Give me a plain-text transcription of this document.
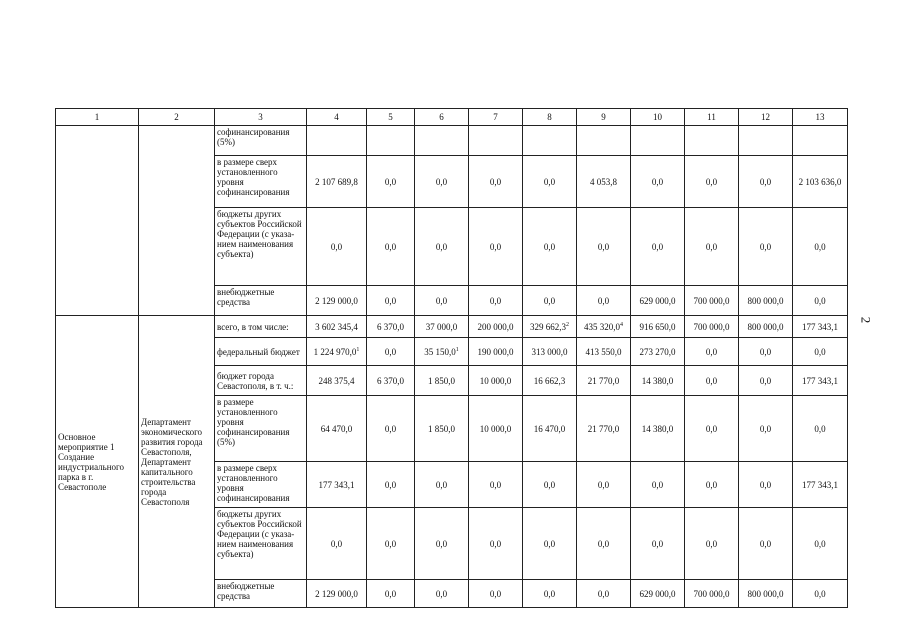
2
1	2	3	4	5	6	7	8	9	10	11	12	13
		софинансирования (5%)										
		в размере сверх установленного уровня софинансирования	2 107 689,8	0,0	0,0	0,0	0,0	4 053,8	0,0	0,0	0,0	2 103 636,0
		бюджеты других субъектов Российской Федерации (с указа-нием наименования субъекта)	0,0	0,0	0,0	0,0	0,0	0,0	0,0	0,0	0,0	0,0
		внебюджетные средства	2 129 000,0	0,0	0,0	0,0	0,0	0,0	629 000,0	700 000,0	800 000,0	0,0
Основное мероприятие 1 Создание индустриального парка в г. Севастополе	Департамент экономического развития города Севастополя, Департамент капитального строительства города Севастополя	всего, в том числе:	3 602 345,4	6 370,0	37 000,0	200 000,0	329 662,3$^2$	435 320,0$^4$	916 650,0	700 000,0	800 000,0	177 343,1
		федеральный бюджет	1 224 970,0$^1$	0,0	35 150,0$^1$	190 000,0	313 000,0	413 550,0	273 270,0	0,0	0,0	0,0
		бюджет города Севастополя, в т. ч.:	248 375,4	6 370,0	1 850,0	10 000,0	16 662,3	21 770,0	14 380,0	0,0	0,0	177 343,1
		в размере установленного уровня софинансирования (5%)	64 470,0	0,0	1 850,0	10 000,0	16 470,0	21 770,0	14 380,0	0,0	0,0	0,0
		в размере сверх установленного уровня софинансирования	177 343,1	0,0	0,0	0,0	0,0	0,0	0,0	0,0	0,0	177 343,1
		бюджеты других субъектов Российской Федерации (с указа-нием наименования субъекта)	0,0	0,0	0,0	0,0	0,0	0,0	0,0	0,0	0,0	0,0
		внебюджетные средства	2 129 000,0	0,0	0,0	0,0	0,0	0,0	629 000,0	700 000,0	800 000,0	0,0
